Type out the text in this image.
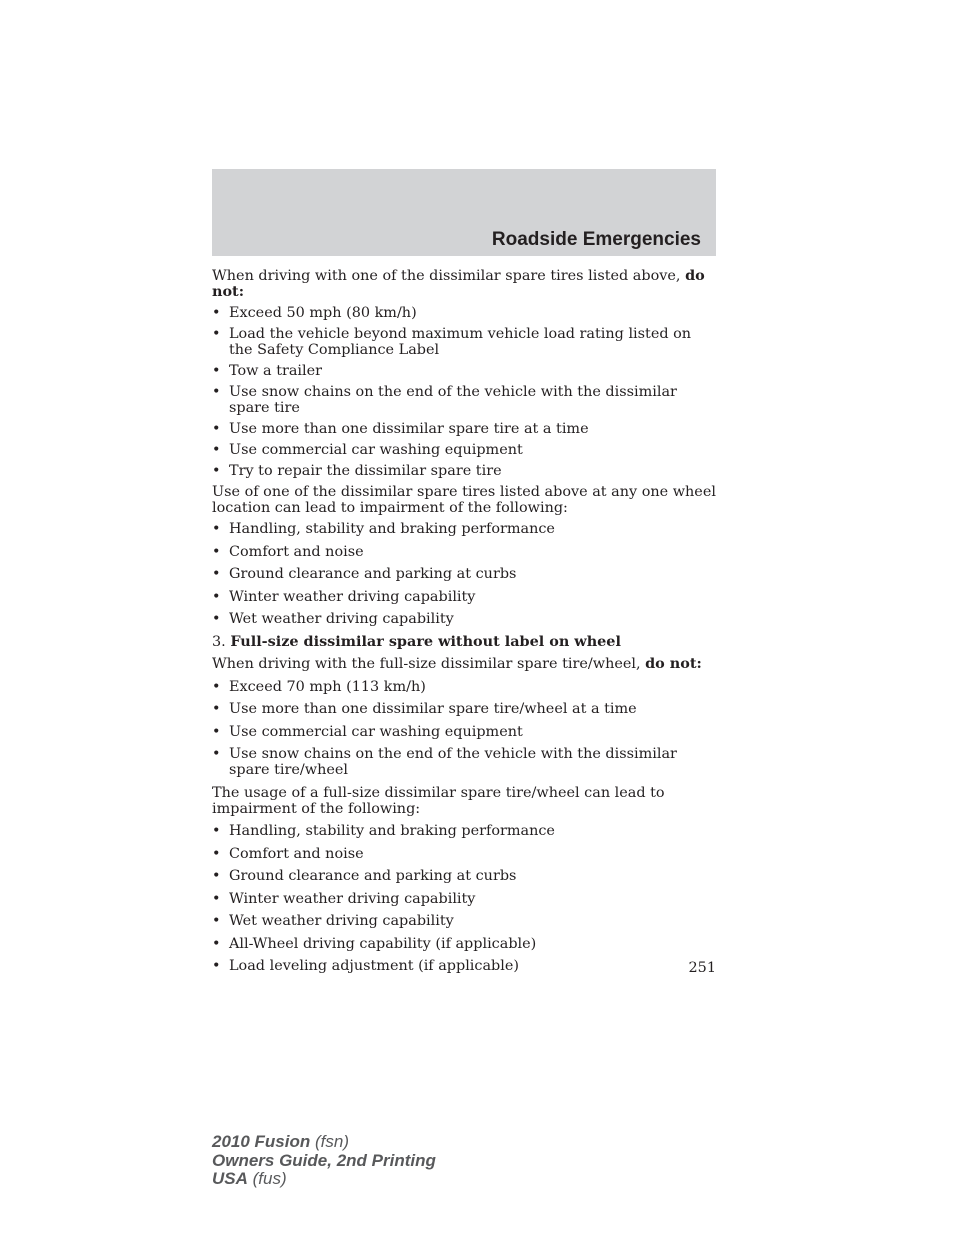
Roadside Emergencies

When driving with one of the dissimilar spare tires listed above, do not:

• Exceed 50 mph (80 km/h)
• Load the vehicle beyond maximum vehicle load rating listed on the Safety Compliance Label
• Tow a trailer
• Use snow chains on the end of the vehicle with the dissimilar spare tire
• Use more than one dissimilar spare tire at a time
• Use commercial car washing equipment
• Try to repair the dissimilar spare tire

Use of one of the dissimilar spare tires listed above at any one wheel location can lead to impairment of the following:

• Handling, stability and braking performance
• Comfort and noise
• Ground clearance and parking at curbs
• Winter weather driving capability
• Wet weather driving capability

3. Full-size dissimilar spare without label on wheel

When driving with the full-size dissimilar spare tire/wheel, do not:

• Exceed 70 mph (113 km/h)
• Use more than one dissimilar spare tire/wheel at a time
• Use commercial car washing equipment
• Use snow chains on the end of the vehicle with the dissimilar spare tire/wheel

The usage of a full-size dissimilar spare tire/wheel can lead to impairment of the following:

• Handling, stability and braking performance
• Comfort and noise
• Ground clearance and parking at curbs
• Winter weather driving capability
• Wet weather driving capability
• All-Wheel driving capability (if applicable)
• Load leveling adjustment (if applicable)	251
2010 Fusion (fsn)
Owners Guide, 2nd Printing
USA (fus)
